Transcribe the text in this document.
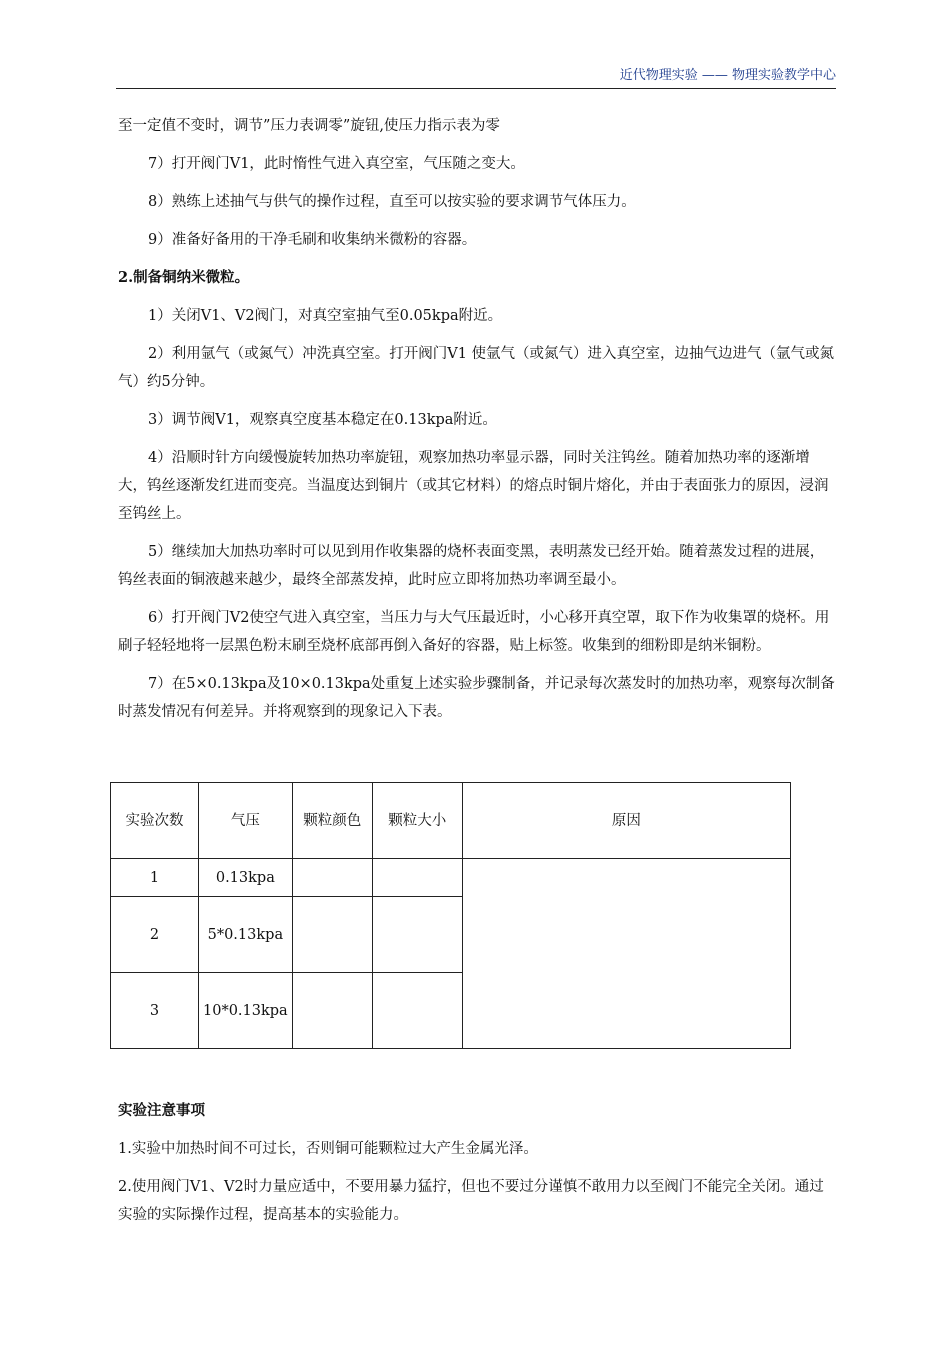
近代物理实验 —— 物理实验教学中心

至一定值不变时，调节”压力表调零”旋钮,使压力指示表为零

7）打开阀门V1，此时惰性气进入真空室，气压随之变大。

8）熟练上述抽气与供气的操作过程，直至可以按实验的要求调节气体压力。

9）准备好备用的干净毛刷和收集纳米微粉的容器。

2.制备铜纳米微粒。

1）关闭V1、V2阀门，对真空室抽气至0.05kpa附近。

2）利用氩气（或氮气）冲洗真空室。打开阀门V1 使氩气（或氮气）进入真空室，边抽气边进气（氩气或氮气）约5分钟。

3）调节阀V1，观察真空度基本稳定在0.13kpa附近。

4）沿顺时针方向缓慢旋转加热功率旋钮，观察加热功率显示器，同时关注钨丝。随着加热功率的逐渐增大，钨丝逐渐发红进而变亮。当温度达到铜片（或其它材料）的熔点时铜片熔化，并由于表面张力的原因，浸润至钨丝上。

5）继续加大加热功率时可以见到用作收集器的烧杯表面变黑，表明蒸发已经开始。随着蒸发过程的进展，钨丝表面的铜液越来越少，最终全部蒸发掉，此时应立即将加热功率调至最小。

6）打开阀门V2使空气进入真空室，当压力与大气压最近时，小心移开真空罩，取下作为收集罩的烧杯。用刷子轻轻地将一层黑色粉末刷至烧杯底部再倒入备好的容器，贴上标签。收集到的细粉即是纳米铜粉。

7）在5×0.13kpa及10×0.13kpa处重复上述实验步骤制备，并记录每次蒸发时的加热功率，观察每次制备时蒸发情况有何差异。并将观察到的现象记入下表。

实验次数	气压	颗粒颜色	颗粒大小	原因
1	0.13kpa			
2	5*0.13kpa			
3	10*0.13kpa			
实验注意事项

1.实验中加热时间不可过长，否则铜可能颗粒过大产生金属光泽。

2.使用阀门V1、V2时力量应适中，不要用暴力猛拧，但也不要过分谨慎不敢用力以至阀门不能完全关闭。通过实验的实际操作过程，提高基本的实验能力。
